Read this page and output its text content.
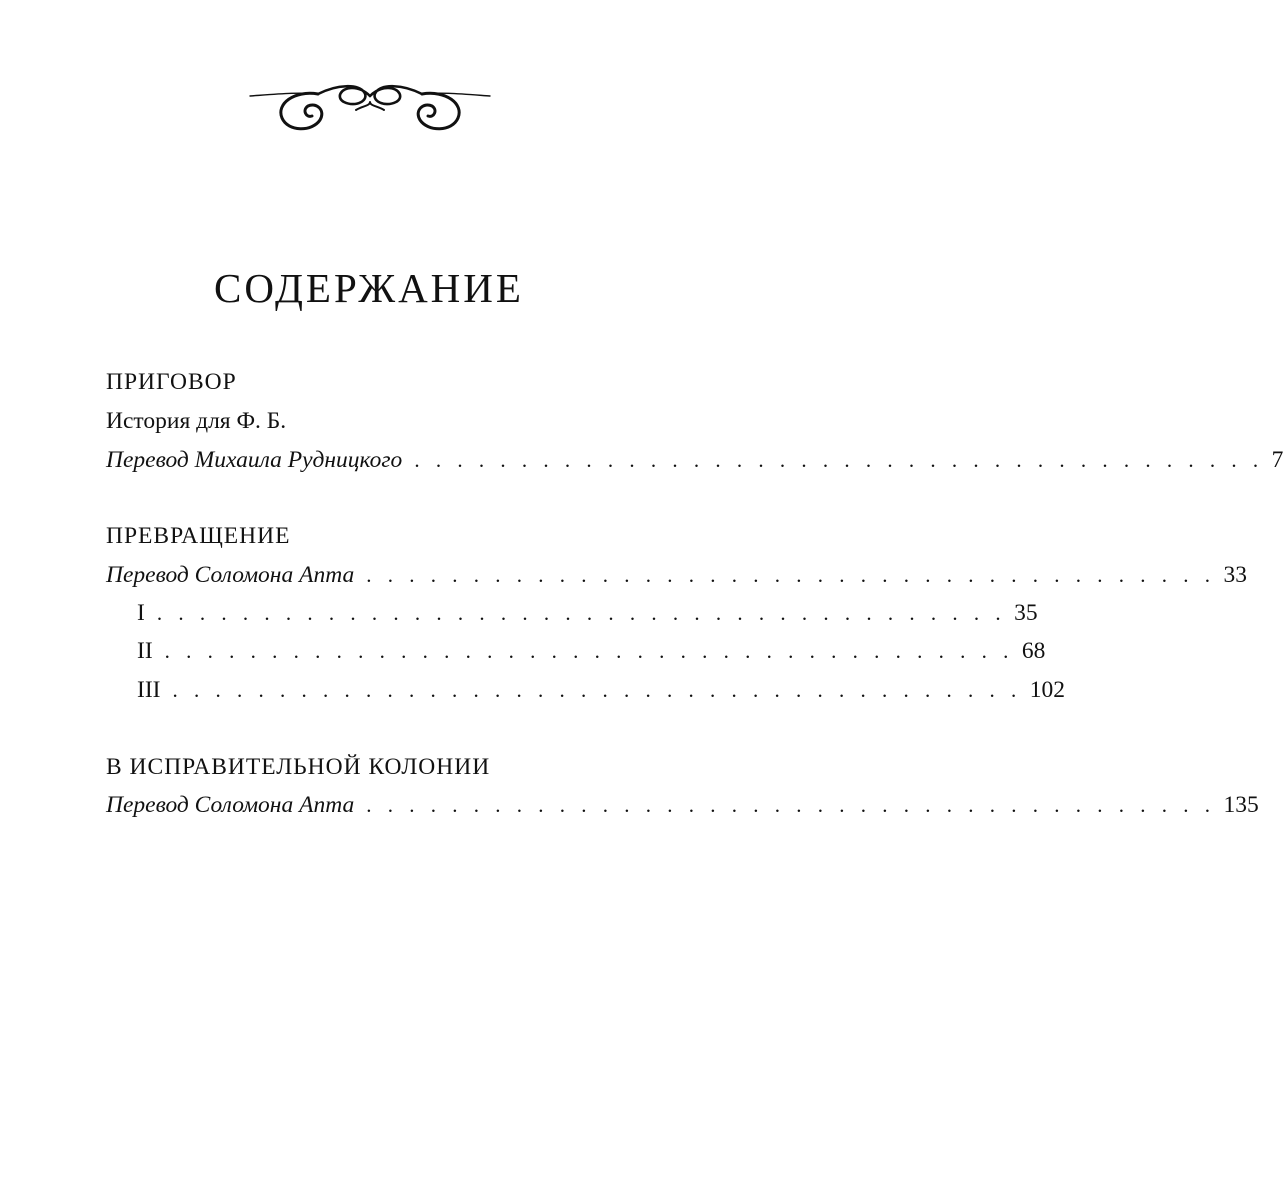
СОДЕРЖАНИЕ
ПРИГОВОР
История для Ф. Б.
Перевод Михаила Рудницкого . . . . . . . . . . . . . . . . . . . . . . . . . . . . . . . . . . . . . . . . 7
ПРЕВРАЩЕНИЕ
Перевод Соломона Апта . . . . . . . . . . . . . . . . . . . . . . . . . . . . . . . . . . . . . . . . 33
I . . . . . . . . . . . . . . . . . . . . . . . . . . . . . . . . . . . . . . . . 35
II . . . . . . . . . . . . . . . . . . . . . . . . . . . . . . . . . . . . . . . . 68
III . . . . . . . . . . . . . . . . . . . . . . . . . . . . . . . . . . . . . . . . 102
В ИСПРАВИТЕЛЬНОЙ КОЛОНИИ
Перевод Соломона Апта . . . . . . . . . . . . . . . . . . . . . . . . . . . . . . . . . . . . . . . . 135
